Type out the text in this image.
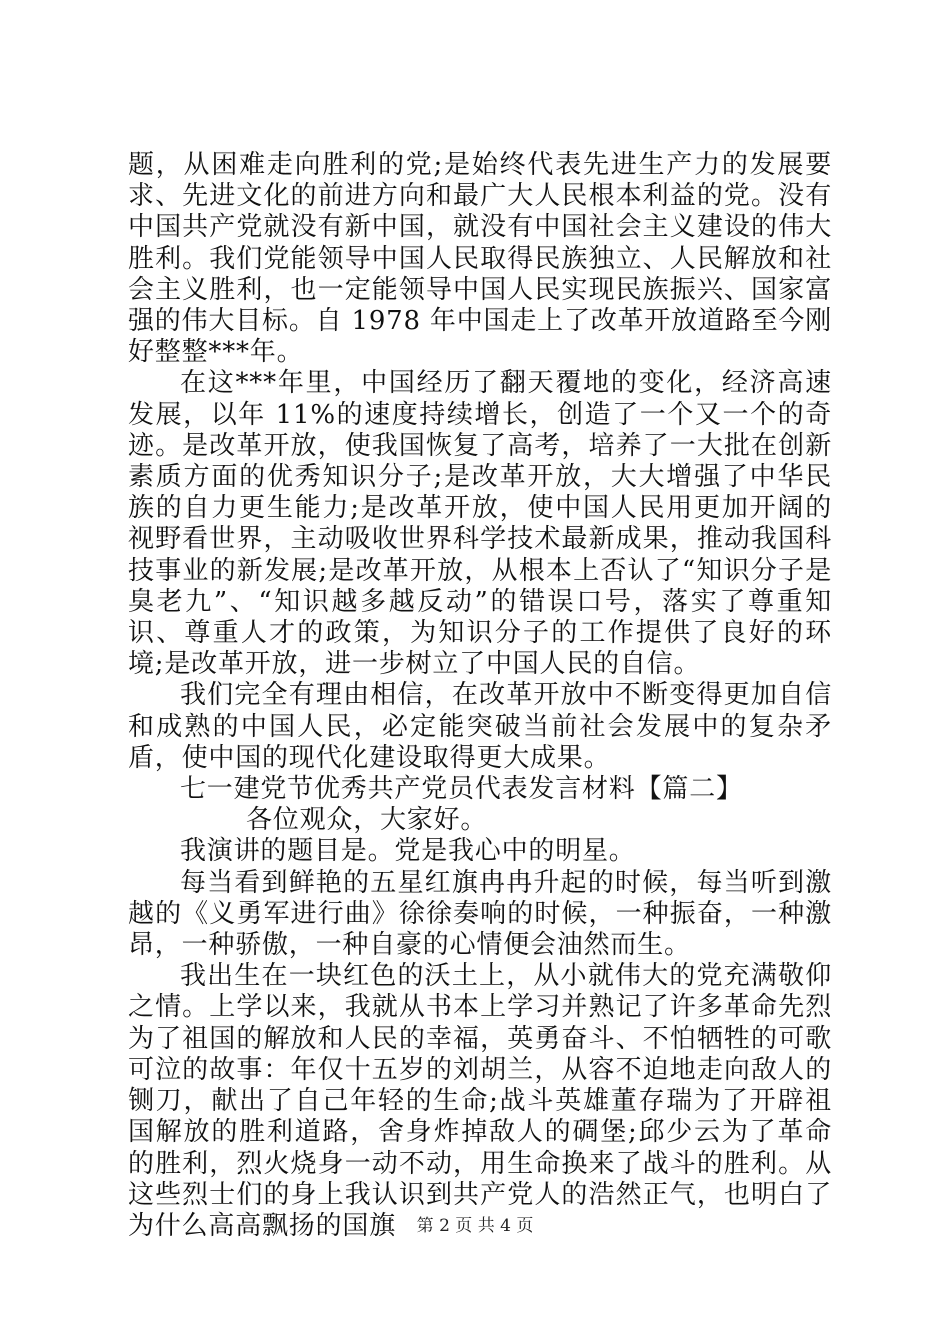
题，从困难走向胜利的党;是始终代表先进生产力的发展要求、先进文化的前进方向和最广大人民根本利益的党。没有中国共产党就没有新中国，就没有中国社会主义建设的伟大胜利。我们党能领导中国人民取得民族独立、人民解放和社会主义胜利，也一定能领导中国人民实现民族振兴、国家富强的伟大目标。自 1978 年中国走上了改革开放道路至今刚好整整***年。

在这***年里，中国经历了翻天覆地的变化，经济高速发展，以年 11%的速度持续增长，创造了一个又一个的奇迹。是改革开放，使我国恢复了高考，培养了一大批在创新素质方面的优秀知识分子;是改革开放，大大增强了中华民族的自力更生能力;是改革开放，使中国人民用更加开阔的视野看世界，主动吸收世界科学技术最新成果，推动我国科技事业的新发展;是改革开放，从根本上否认了“知识分子是臭老九”、“知识越多越反动”的错误口号，落实了尊重知识、尊重人才的政策，为知识分子的工作提供了良好的环境;是改革开放，进一步树立了中国人民的自信。

我们完全有理由相信，在改革开放中不断变得更加自信和成熟的中国人民，必定能突破当前社会发展中的复杂矛盾，使中国的现代化建设取得更大成果。

七一建党节优秀共产党员代表发言材料【篇二】

各位观众，大家好。

我演讲的题目是。党是我心中的明星。

每当看到鲜艳的五星红旗冉冉升起的时候，每当听到激越的《义勇军进行曲》徐徐奏响的时候，一种振奋，一种激昂，一种骄傲，一种自豪的心情便会油然而生。

我出生在一块红色的沃土上，从小就伟大的党充满敬仰之情。上学以来，我就从书本上学习并熟记了许多革命先烈为了祖国的解放和人民的幸福，英勇奋斗、不怕牺牲的可歌可泣的故事：年仅十五岁的刘胡兰，从容不迫地走向敌人的铡刀，献出了自己年轻的生命;战斗英雄董存瑞为了开辟祖国解放的胜利道路，舍身炸掉敌人的碉堡;邱少云为了革命的胜利，烈火烧身一动不动，用生命换来了战斗的胜利。从这些烈士们的身上我认识到共产党人的浩然正气，也明白了为什么高高飘扬的国旗	第 2 页 共 4 页
